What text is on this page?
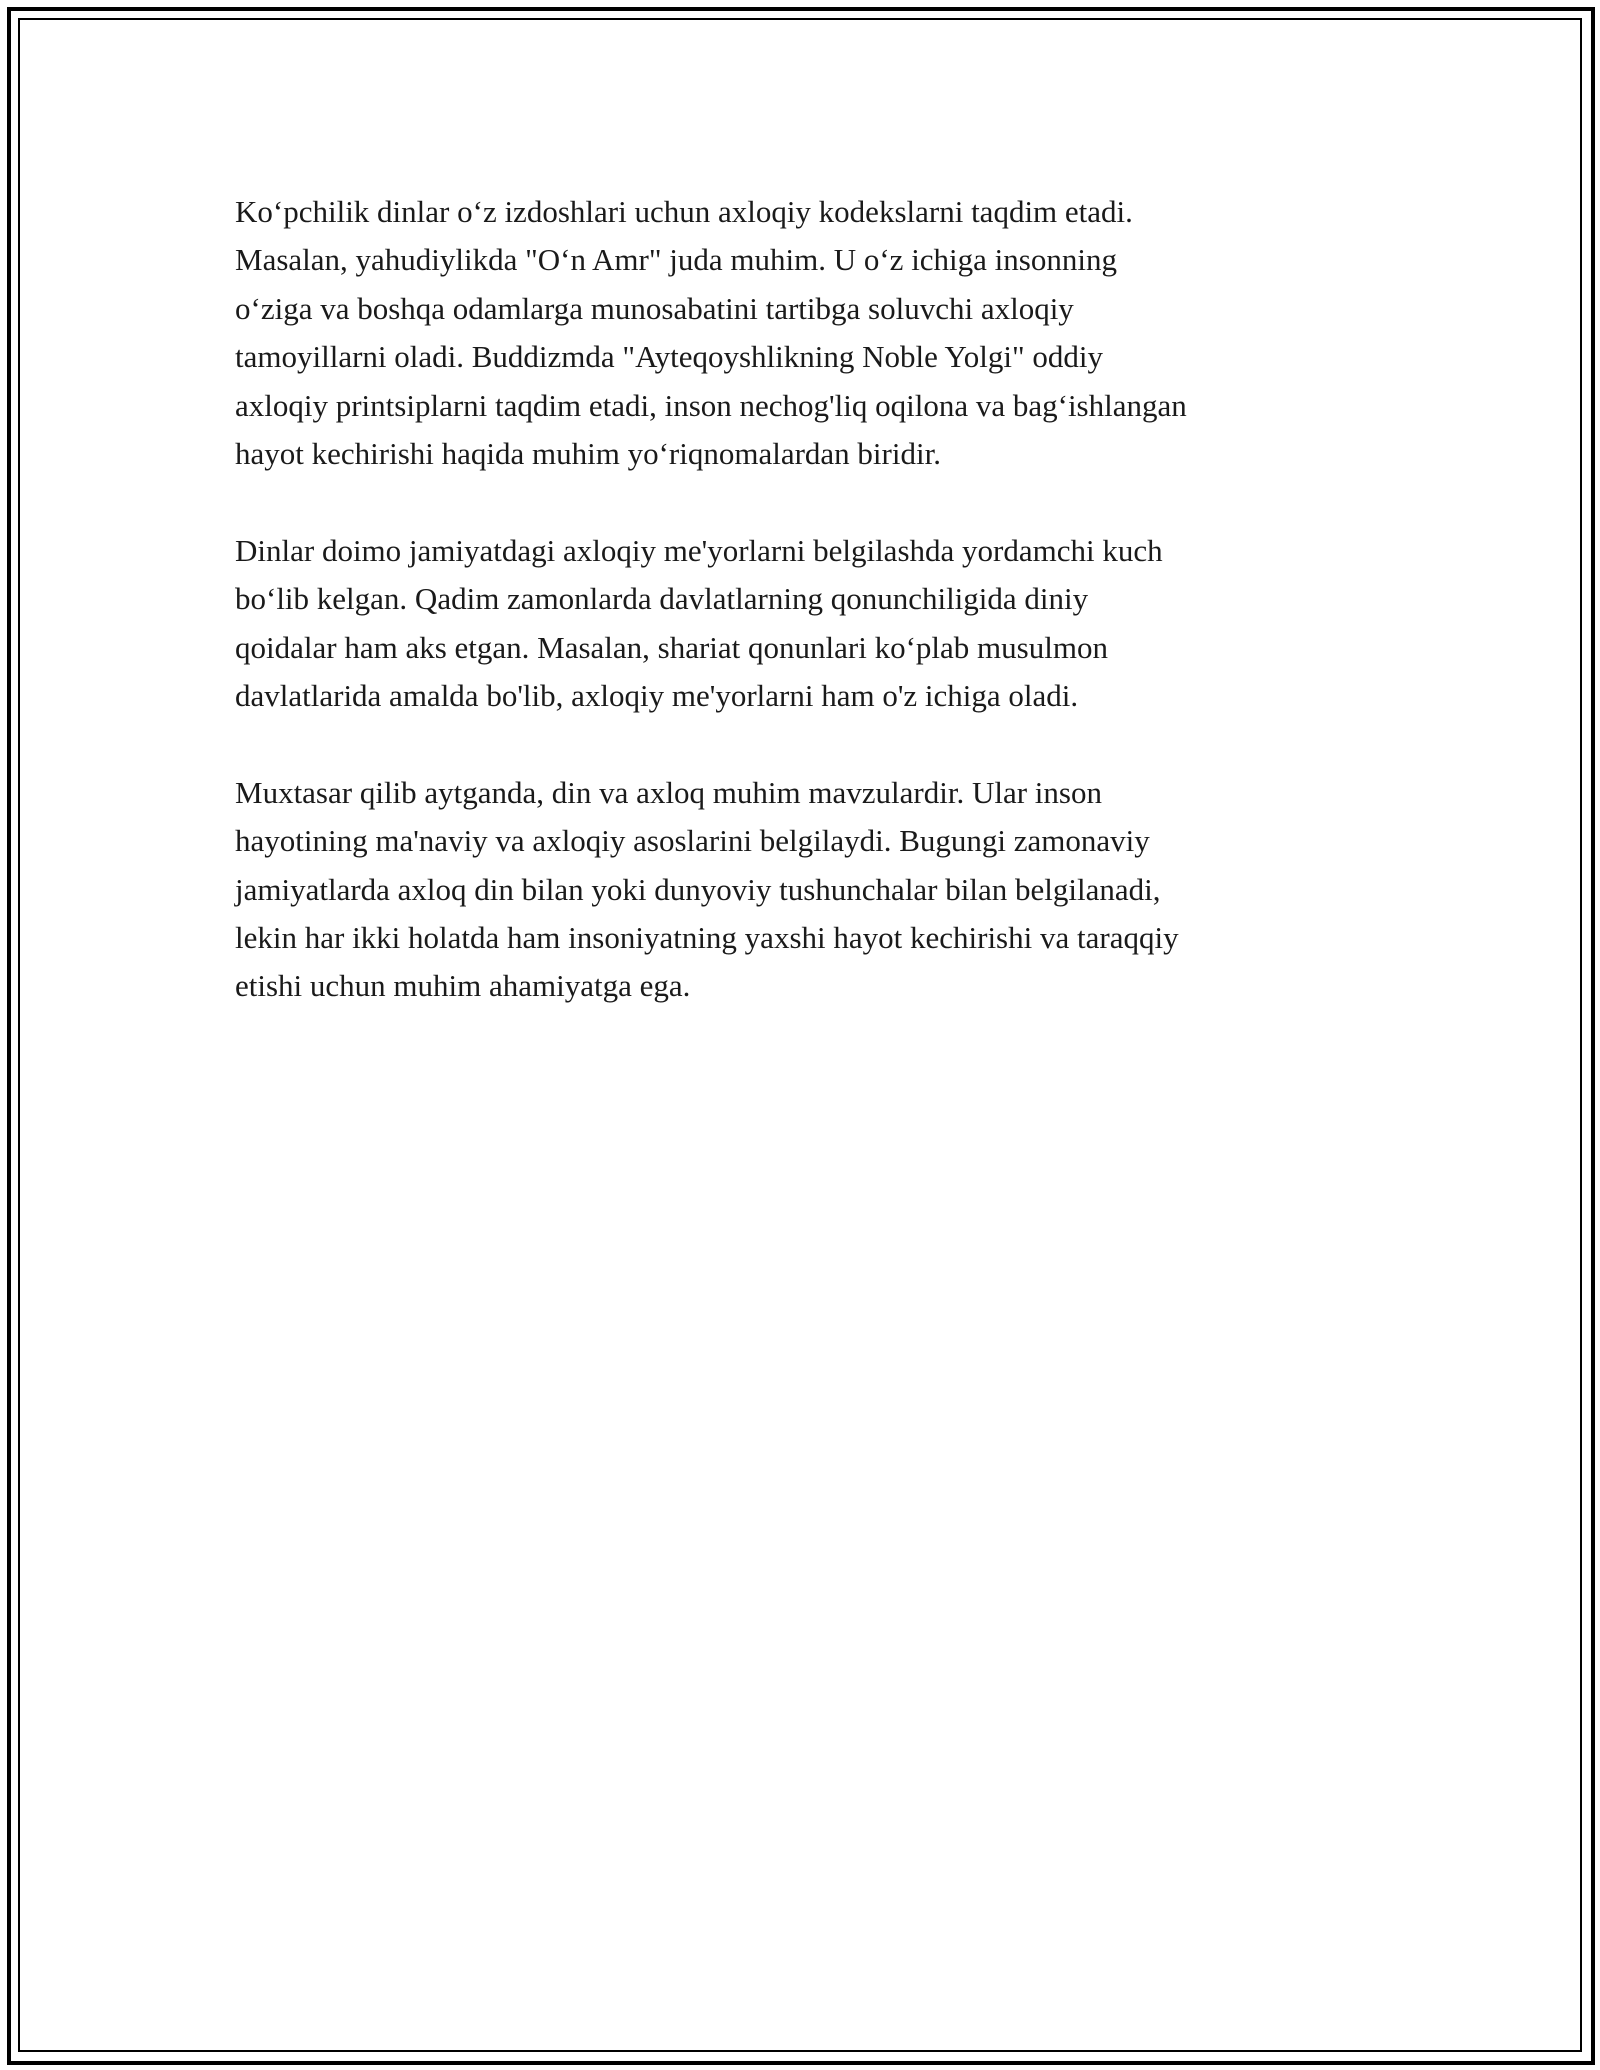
Ko‘pchilik dinlar o‘z izdoshlari uchun axloqiy kodekslarni taqdim etadi.
Masalan, yahudiylikda "O‘n Amr" juda muhim. U o‘z ichiga insonning
o‘ziga va boshqa odamlarga munosabatini tartibga soluvchi axloqiy
tamoyillarni oladi. Buddizmda "Ayteqoyshlikning Noble Yolgi" oddiy
axloqiy printsiplarni taqdim etadi, inson nechog'liq oqilona va bag‘ishlangan
hayot kechirishi haqida muhim yo‘riqnomalardan biridir.

Dinlar doimo jamiyatdagi axloqiy me'yorlarni belgilashda yordamchi kuch
bo‘lib kelgan. Qadim zamonlarda davlatlarning qonunchiligida diniy
qoidalar ham aks etgan. Masalan, shariat qonunlari ko‘plab musulmon
davlatlarida amalda bo'lib, axloqiy me'yorlarni ham o'z ichiga oladi.

Muxtasar qilib aytganda, din va axloq muhim mavzulardir. Ular inson
hayotining ma'naviy va axloqiy asoslarini belgilaydi. Bugungi zamonaviy
jamiyatlarda axloq din bilan yoki dunyoviy tushunchalar bilan belgilanadi,
lekin har ikki holatda ham insoniyatning yaxshi hayot kechirishi va taraqqiy
etishi uchun muhim ahamiyatga ega.
